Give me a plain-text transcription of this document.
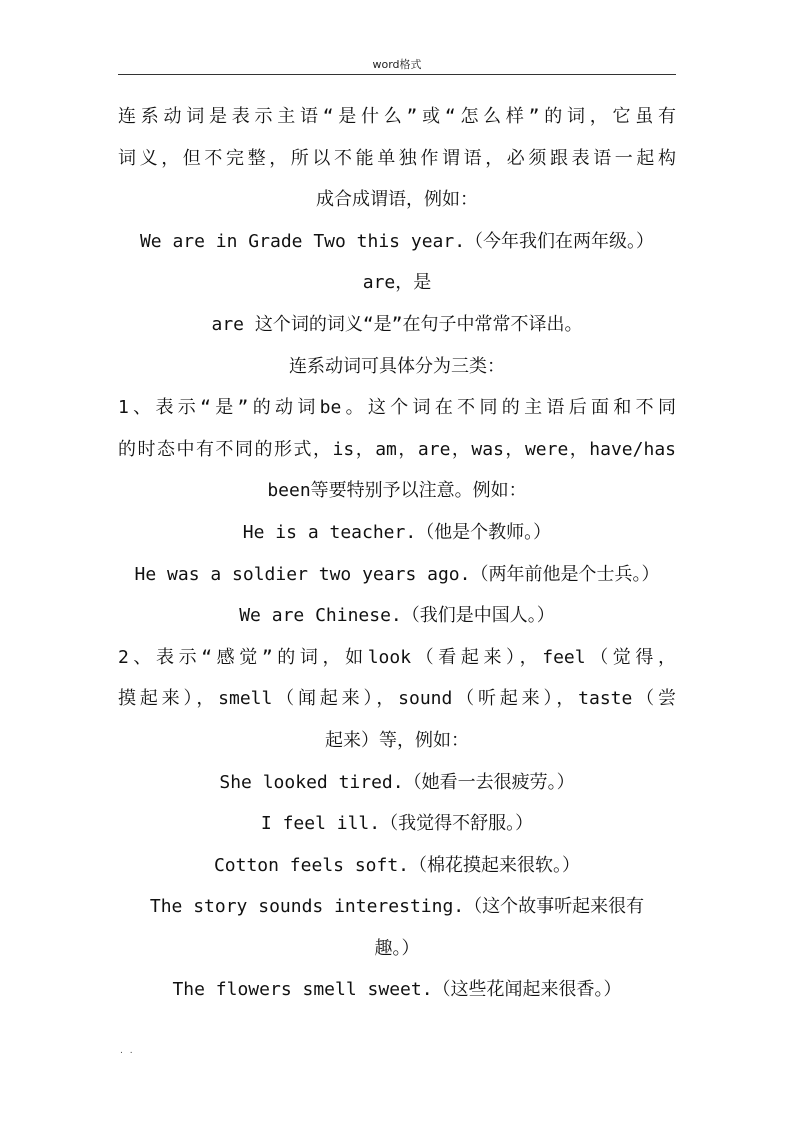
word格式
连系动词是表示主语“是什么”或“怎么样”的词，它虽有
词义，但不完整，所以不能单独作谓语，必须跟表语一起构
成合成谓语，例如：
We are in Grade Two this year.（今年我们在两年级。）
are，是
are 这个词的词义“是”在句子中常常不译出。
连系动词可具体分为三类：
1、表示“是”的动词be。这个词在不同的主语后面和不同
的时态中有不同的形式，is，am，are，was，were，have/has
been等要特别予以注意。例如：
He is a teacher.（他是个教师。）
He was a soldier two years ago.（两年前他是个士兵。）
We are Chinese.（我们是中国人。）
2、表示“感觉”的词，如look（看起来），feel（觉得，
摸起来），smell（闻起来），sound（听起来），taste（尝
起来）等，例如：
She looked tired.（她看一去很疲劳。）
I feel ill.（我觉得不舒服。）
Cotton feels soft.（棉花摸起来很软。）
The story sounds interesting.（这个故事听起来很有
趣。）
The flowers smell sweet.（这些花闻起来很香。）
. .
